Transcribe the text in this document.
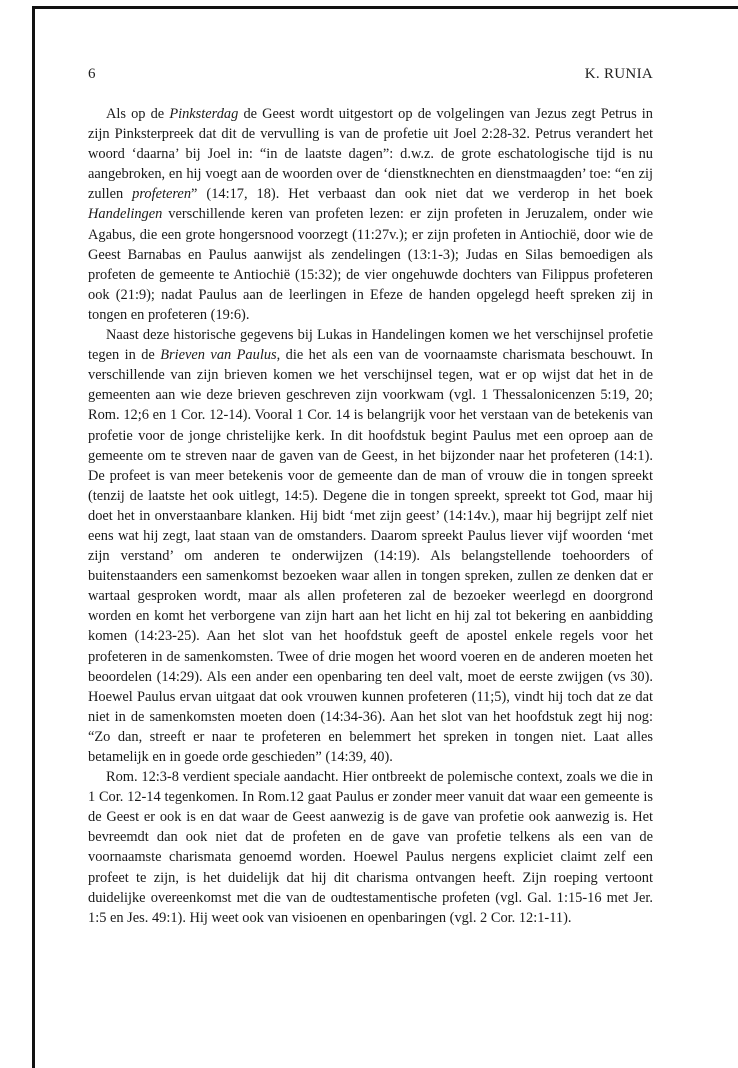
6	K. RUNIA

Als op de Pinksterdag de Geest wordt uitgestort op de volgelingen van Jezus zegt Petrus in zijn Pinksterpreek dat dit de vervulling is van de profetie uit Joel 2:28-32. Petrus verandert het woord ‘daarna’ bij Joel in: “in de laatste dagen”: d.w.z. de grote eschatologische tijd is nu aangebroken, en hij voegt aan de woorden over de ‘dienstknechten en dienstmaagden’ toe: “en zij zullen profeteren” (14:17, 18). Het verbaast dan ook niet dat we verderop in het boek Handelingen verschillende keren van profeten lezen: er zijn profeten in Jeruzalem, onder wie Agabus, die een grote hongersnood voorzegt (11:27v.); er zijn profeten in Antiochië, door wie de Geest Barnabas en Paulus aanwijst als zendelingen (13:1-3); Judas en Silas bemoedigen als profeten de gemeente te Antiochië (15:32); de vier ongehuwde dochters van Filippus profeteren ook (21:9); nadat Paulus aan de leerlingen in Efeze de handen opgelegd heeft spreken zij in tongen en profeteren (19:6).

Naast deze historische gegevens bij Lukas in Handelingen komen we het verschijnsel profetie tegen in de Brieven van Paulus, die het als een van de voornaamste charismata beschouwt. In verschillende van zijn brieven komen we het verschijnsel tegen, wat er op wijst dat het in de gemeenten aan wie deze brieven geschreven zijn voorkwam (vgl. 1 Thessalonicenzen 5:19, 20; Rom. 12;6 en 1 Cor. 12-14). Vooral 1 Cor. 14 is belangrijk voor het verstaan van de betekenis van profetie voor de jonge christelijke kerk. In dit hoofdstuk begint Paulus met een oproep aan de gemeente om te streven naar de gaven van de Geest, in het bijzonder naar het profeteren (14:1). De profeet is van meer betekenis voor de gemeente dan de man of vrouw die in tongen spreekt (tenzij de laatste het ook uitlegt, 14:5). Degene die in tongen spreekt, spreekt tot God, maar hij doet het in onverstaanbare klanken. Hij bidt ‘met zijn geest’ (14:14v.), maar hij begrijpt zelf niet eens wat hij zegt, laat staan van de omstanders. Daarom spreekt Paulus liever vijf woorden ‘met zijn verstand’ om anderen te onderwijzen (14:19). Als belangstellende toehoorders of buitenstaanders een samenkomst bezoeken waar allen in tongen spreken, zullen ze denken dat er wartaal gesproken wordt, maar als allen profeteren zal de bezoeker weerlegd en doorgrond worden en komt het verborgene van zijn hart aan het licht en hij zal tot bekering en aanbidding komen (14:23-25). Aan het slot van het hoofdstuk geeft de apostel enkele regels voor het profeteren in de samenkomsten. Twee of drie mogen het woord voeren en de anderen moeten het beoordelen (14:29). Als een ander een openbaring ten deel valt, moet de eerste zwijgen (vs 30). Hoewel Paulus ervan uitgaat dat ook vrouwen kunnen profeteren (11;5), vindt hij toch dat ze dat niet in de samenkomsten moeten doen (14:34-36). Aan het slot van het hoofdstuk zegt hij nog: “Zo dan, streeft er naar te profeteren en belemmert het spreken in tongen niet. Laat alles betamelijk en in goede orde geschieden” (14:39, 40).

Rom. 12:3-8 verdient speciale aandacht. Hier ontbreekt de polemische context, zoals we die in 1 Cor. 12-14 tegenkomen. In Rom.12 gaat Paulus er zonder meer vanuit dat waar een gemeente is de Geest er ook is en dat waar de Geest aanwezig is de gave van profetie ook aanwezig is. Het bevreemdt dan ook niet dat de profeten en de gave van profetie telkens als een van de voornaamste charismata genoemd worden. Hoewel Paulus nergens expliciet claimt zelf een profeet te zijn, is het duidelijk dat hij dit charisma ontvangen heeft. Zijn roeping vertoont duidelijke overeenkomst met die van de oudtestamentische profeten (vgl. Gal. 1:15-16 met Jer. 1:5 en Jes. 49:1). Hij weet ook van visioenen en openbaringen (vgl. 2 Cor. 12:1-11).
